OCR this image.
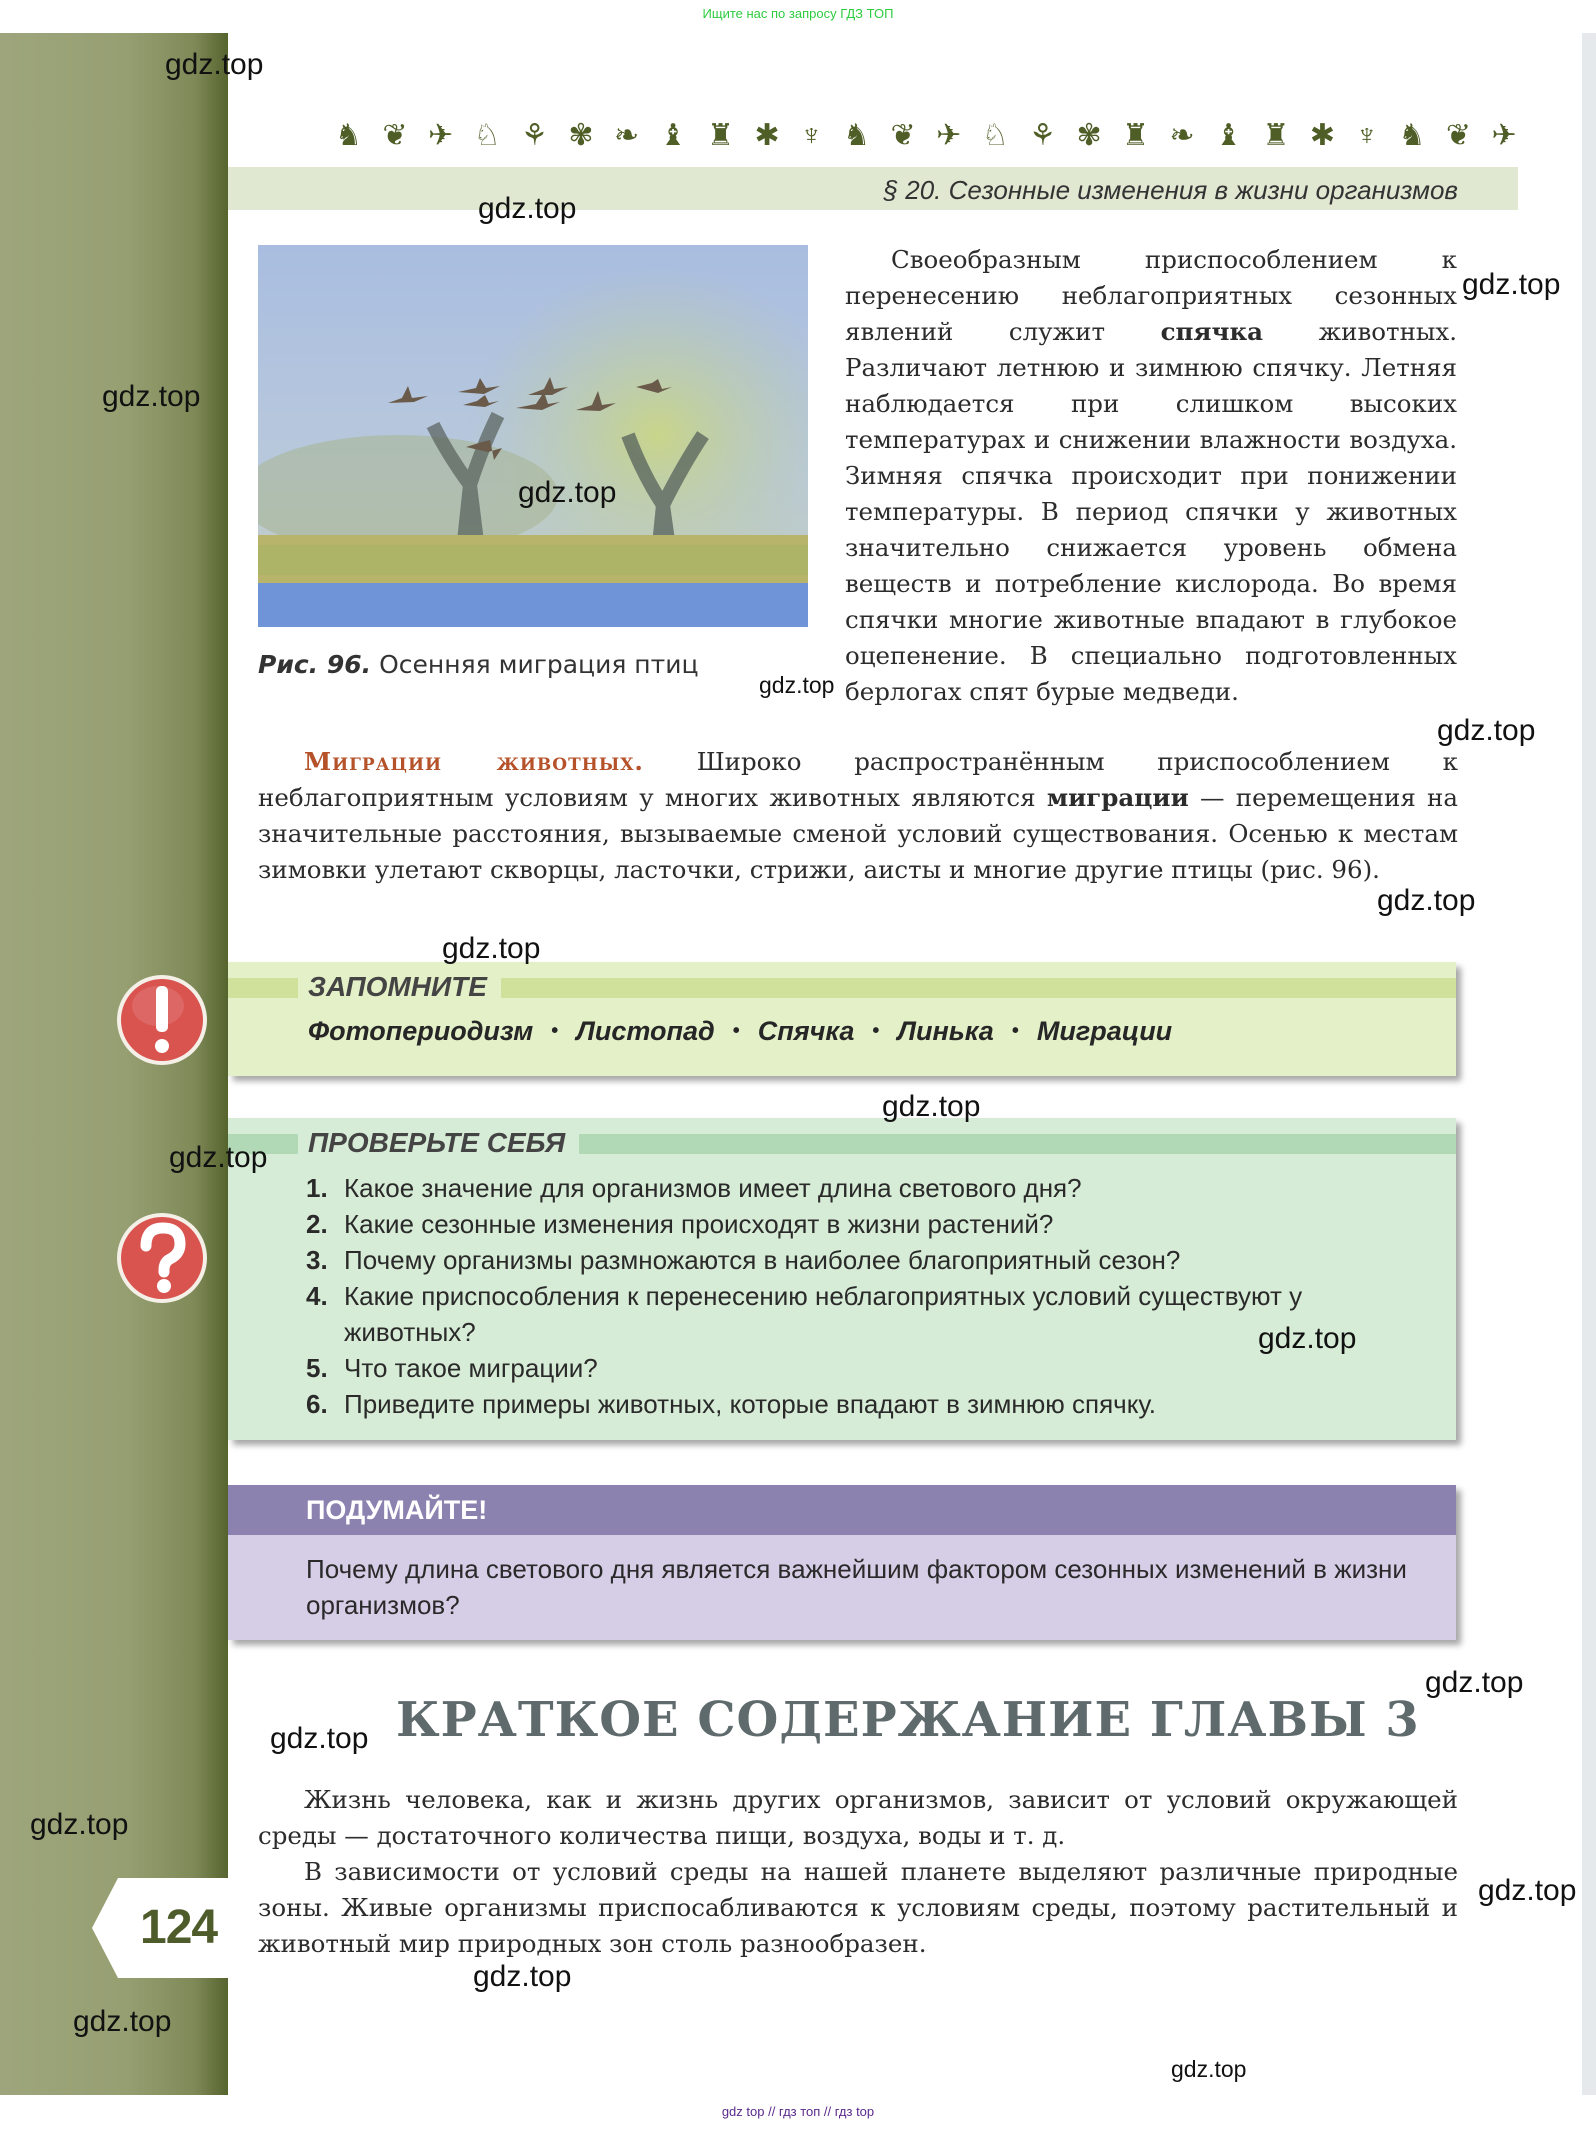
Ищите нас по запросу ГДЗ ТОП
124
♞ ❦ ✈ ♘ ⚘ ✾ ❧ ♝ ♜ ✱ ♆ ♞ ❦ ✈ ♘ ⚘ ✾ ♜ ❧ ♝ ♜ ✱ ♆ ♞ ❦ ✈
§ 20. Сезонные изменения в жизни организмов
Рис. 96. Осенняя миграция птиц

Своеобразным приспособлением к перенесению неблагоприятных сезонных явлений служит спячка животных. Различают летнюю и зимнюю спячку. Летняя наблюдается при слишком высоких температурах и снижении влажности воздуха. Зимняя спячка происходит при понижении температуры. В период спячки у животных значительно снижается уровень обмена веществ и потребление кислорода. Во время спячки многие животные впадают в глубокое оцепенение. В специально подготовленных берлогах спят бурые медведи.

Миграции животных. Широко распространённым приспособлением к неблагоприятным условиям у многих животных являются миграции — перемещения на значительные расстояния, вызываемые сменой условий существования. Осенью к местам зимовки улетают скворцы, ласточки, стрижи, аисты и многие другие птицы (рис. 96).

ЗАПОМНИТЕ
Фотопериодизм • Листопад • Спячка • Линька • Миграции
ПРОВЕРЬТЕ СЕБЯ
1. Какое значение для организмов имеет длина светового дня?
2. Какие сезонные изменения происходят в жизни растений?
3. Почему организмы размножаются в наиболее благоприятный сезон?
4. Какие приспособления к перенесению неблагоприятных условий существуют у животных?
5. Что такое миграции?
6. Приведите примеры животных, которые впадают в зимнюю спячку.
ПОДУМАЙТЕ!
Почему длина светового дня является важнейшим фактором сезонных изменений в жизни организмов?
КРАТКОЕ СОДЕРЖАНИЕ ГЛАВЫ 3

Жизнь человека, как и жизнь других организмов, зависит от условий окружающей среды — достаточного количества пищи, воздуха, воды и т. д.

В зависимости от условий среды на нашей планете выделяют различные природные зоны. Живые организмы приспосабливаются к условиям среды, поэтому растительный и животный мир природных зон столь разнообразен.

gdz.top
gdz.top
gdz.top
gdz.top
gdz.top
gdz.top
gdz.top
gdz.top
gdz.top
gdz.top
gdz.top
gdz.top
gdz.top
gdz.top
gdz.top
gdz.top
gdz.top
gdz.top
gdz.top
gdz top // гдз топ // гдз top
